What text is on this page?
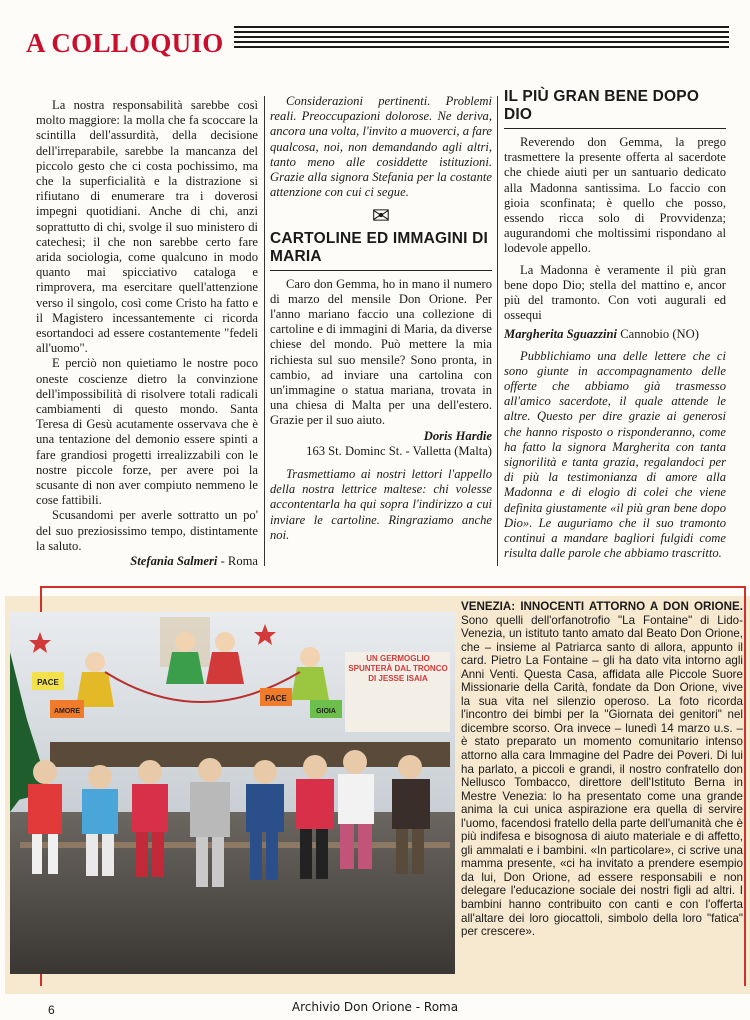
A COLLOQUIO

La nostra responsabilità sarebbe così molto maggiore: la molla che fa scoccare la scintilla dell'assurdità, della decisione dell'irreparabile, sarebbe la mancanza del piccolo gesto che ci costa pochissimo, ma che la superficialità e la distrazione si rifiutano di enumerare tra i doverosi impegni quotidiani. Anche di chi, anzi soprattutto di chi, svolge il suo ministero di catechesi; il che non sarebbe certo fare arida sociologia, come qualcuno in modo quanto mai spicciativo cataloga e rimprovera, ma esercitare quell'attenzione verso il singolo, così come Cristo ha fatto e il Magistero incessantemente ci ricorda esortandoci ad essere costantemente "fedeli all'uomo".

E perciò non quietiamo le nostre poco oneste coscienze dietro la convinzione dell'impossibilità di risolvere totali radicali cambiamenti di questo mondo. Santa Teresa di Gesù acutamente osservava che è una tentazione del demonio essere spinti a fare grandiosi progetti irrealizzabili con le nostre piccole forze, per avere poi la scusante di non aver compiuto nemmeno le cose fattibili.

Scusandomi per averle sottratto un po' del suo preziosissimo tempo, distintamente la saluto.

Stefania Salmeri - Roma

Considerazioni pertinenti. Problemi reali. Preoccupazioni dolorose. Ne deriva, ancora una volta, l'invito a muoverci, a fare qualcosa, noi, non demandando agli altri, tanto meno alle cosiddette istituzioni. Grazie alla signora Stefania per la costante attenzione con cui ci segue.

✉
CARTOLINE ED IMMAGINI DI MARIA

Caro don Gemma, ho in mano il numero di marzo del mensile Don Orione. Per l'anno mariano faccio una collezione di cartoline e di immagini di Maria, da diverse chiese del mondo. Può mettere la mia richiesta sul suo mensile? Sono pronta, in cambio, ad inviare una cartolina con un'immagine o statua mariana, trovata in una chiesa di Malta per una dell'estero. Grazie per il suo aiuto.

Doris Hardie
163 St. Dominc St. - Valletta (Malta)

Trasmettiamo ai nostri lettori l'appello della nostra lettrice maltese: chi volesse accontentarla ha qui sopra l'indirizzo a cui inviare le cartoline. Ringraziamo anche noi.

IL PIÙ GRAN BENE DOPO DIO

Reverendo don Gemma, la prego trasmettere la presente offerta al sacerdote che chiede aiuti per un santuario dedicato alla Madonna santissima. Lo faccio con gioia sconfinata; è quello che posso, essendo ricca solo di Provvidenza; augurandomi che moltissimi rispondano al lodevole appello.

La Madonna è veramente il più gran bene dopo Dio; stella del mattino e, ancor più del tramonto. Con voti augurali ed ossequi

Margherita Sguazzini Cannobio (NO)

Pubblichiamo una delle lettere che ci sono giunte in accompagnamento delle offerte che abbiamo già trasmesso all'amico sacerdote, il quale attende le altre. Questo per dire grazie ai generosi che hanno risposto o risponderanno, come ha fatto la signora Margherita con tanta signorilità e tanta grazia, regalandoci per di più la testimonianza di amore alla Madonna e di elogio di colei che viene definita giustamente «il più gran bene dopo Dio». Le auguriamo che il suo tramonto continui a mandare bagliori fulgidi come risulta dalle parole che abbiamo trascritto.

PACE
AMORE
PACE
GIOIA
UN GERMOGLIO SPUNTERÀ DAL TRONCO DI JESSE ISAIA
VENEZIA: INNOCENTI ATTORNO A DON ORIONE. Sono quelli dell'orfanotrofio "La Fontaine" di Lido-Venezia, un istituto tanto amato dal Beato Don Orione, che – insieme al Patriarca santo di allora, appunto il card. Pietro La Fontaine – gli ha dato vita intorno agli Anni Venti. Questa Casa, affidata alle Piccole Suore Missionarie della Carità, fondate da Don Orione, vive la sua vita nel silenzio operoso. La foto ricorda l'incontro dei bimbi per la "Giornata dei genitori" nel dicembre scorso. Ora invece – lunedì 14 marzo u.s. – è stato preparato un momento comunitario intenso attorno alla cara Immagine del Padre dei Poveri. Di lui ha parlato, a piccoli e grandi, il nostro confratello don Nellusco Tombacco, direttore dell'Istituto Berna in Mestre Venezia: lo ha presentato come una grande anima la cui unica aspirazione era quella di servire l'uomo, facendosi fratello della parte dell'umanità che è più indifesa e bisognosa di aiuto materiale e di affetto, gli ammalati e i bambini. «In particolare», ci scrive una mamma presente, «ci ha invitato a prendere esempio da lui, Don Orione, ad essere responsabili e non delegare l'educazione sociale dei nostri figli ad altri. I bambini hanno contribuito con canti e con l'offerta all'altare dei loro giocattoli, simbolo della loro "fatica" per crescere».
6	Archivio Don Orione - Roma
